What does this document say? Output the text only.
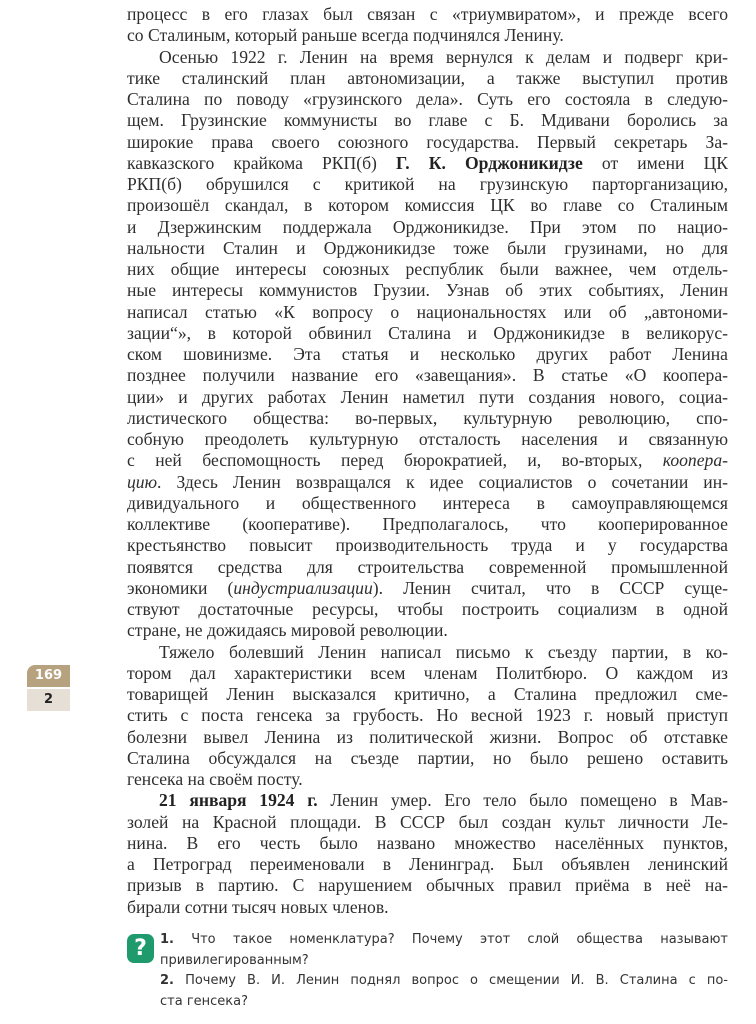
169
2
процесс в его глазах был связан с «триумвиратом», и прежде всего
со Сталиным, который раньше всегда подчинялся Ленину.
Осенью 1922 г. Ленин на время вернулся к делам и подверг кри-
тике сталинский план автономизации, а также выступил против
Сталина по поводу «грузинского дела». Суть его состояла в следую-
щем. Грузинские коммунисты во главе с Б. Мдивани боролись за
широкие права своего союзного государства. Первый секретарь За-
кавказского крайкома РКП(б) Г. К. Орджоникидзе от имени ЦК
РКП(б) обрушился с критикой на грузинскую парторганизацию,
произошёл скандал, в котором комиссия ЦК во главе со Сталиным
и Дзержинским поддержала Орджоникидзе. При этом по нацио-
нальности Сталин и Орджоникидзе тоже были грузинами, но для
них общие интересы союзных республик были важнее, чем отдель-
ные интересы коммунистов Грузии. Узнав об этих событиях, Ленин
написал статью «К вопросу о национальностях или об „автономи-
зации“», в которой обвинил Сталина и Орджоникидзе в великорус-
ском шовинизме. Эта статья и несколько других работ Ленина
позднее получили название его «завещания». В статье «О коопера-
ции» и других работах Ленин наметил пути создания нового, социа-
листического общества: во-первых, культурную революцию, спо-
собную преодолеть культурную отсталость населения и связанную
с ней беспомощность перед бюрократией, и, во-вторых, коопера-
цию. Здесь Ленин возвращался к идее социалистов о сочетании ин-
дивидуального и общественного интереса в самоуправляющемся
коллективе (кооперативе). Предполагалось, что кооперированное
крестьянство повысит производительность труда и у государства
появятся средства для строительства современной промышленной
экономики (индустриализации). Ленин считал, что в СССР суще-
ствуют достаточные ресурсы, чтобы построить социализм в одной
стране, не дожидаясь мировой революции.
Тяжело болевший Ленин написал письмо к съезду партии, в ко-
тором дал характеристики всем членам Политбюро. О каждом из
товарищей Ленин высказался критично, а Сталина предложил сме-
стить с поста генсека за грубость. Но весной 1923 г. новый приступ
болезни вывел Ленина из политической жизни. Вопрос об отставке
Сталина обсуждался на съезде партии, но было решено оставить
генсека на своём посту.
21 января 1924 г. Ленин умер. Его тело было помещено в Мав-
золей на Красной площади. В СССР был создан культ личности Ле-
нина. В его честь было названо множество населённых пунктов,
а Петроград переименовали в Ленинград. Был объявлен ленинский
призыв в партию. С нарушением обычных правил приёма в неё на-
бирали сотни тысяч новых членов.
?	1. Что такое номенклатура? Почему этот слой общества называют
привилегированным?
2. Почему В. И. Ленин поднял вопрос о смещении И. В. Сталина с по-
ста генсека?
